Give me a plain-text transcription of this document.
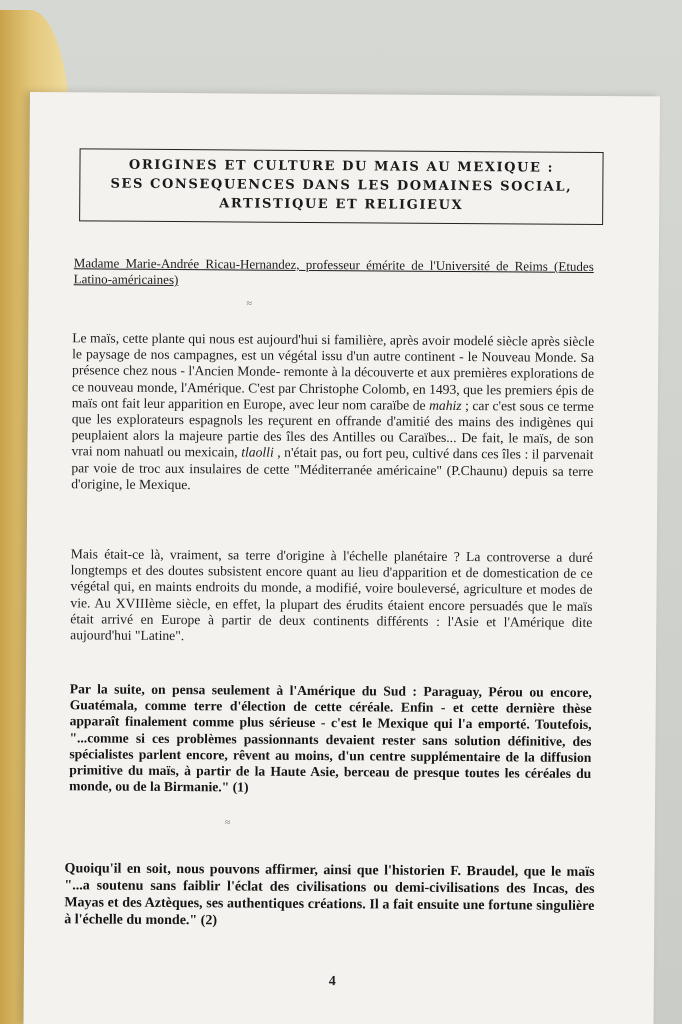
ORIGINES ET CULTURE DU MAIS AU MEXIQUE :
SES CONSEQUENCES DANS LES DOMAINES SOCIAL,
ARTISTIQUE ET RELIGIEUX
Madame Marie-Andrée Ricau-Hernandez, professeur émérite de l'Université de Reims (Etudes Latino-américaines)
≈
Le maïs, cette plante qui nous est aujourd'hui si familière, après avoir modelé siècle après siècle le paysage de nos campagnes, est un végétal issu d'un autre continent - le Nouveau Monde. Sa présence chez nous - l'Ancien Monde- remonte à la découverte et aux premières explorations de ce nouveau monde, l'Amérique. C'est par Christophe Colomb, en 1493, que les premiers épis de maïs ont fait leur apparition en Europe, avec leur nom caraïbe de mahiz ; car c'est sous ce terme que les explorateurs espagnols les reçurent en offrande d'amitié des mains des indigènes qui peuplaient alors la majeure partie des îles des Antilles ou Caraïbes... De fait, le maïs, de son vrai nom nahuatl ou mexicain, tlaolli , n'était pas, ou fort peu, cultivé dans ces îles : il parvenait par voie de troc aux insulaires de cette "Méditerranée américaine" (P.Chaunu) depuis sa terre d'origine, le Mexique.
Mais était-ce là, vraiment, sa terre d'origine à l'échelle planétaire ? La controverse a duré longtemps et des doutes subsistent encore quant au lieu d'apparition et de domestication de ce végétal qui, en maints endroits du monde, a modifié, voire bouleversé, agriculture et modes de vie. Au XVIIIème siècle, en effet, la plupart des érudits étaient encore persuadés que le maïs était arrivé en Europe à partir de deux continents différents : l'Asie et l'Amérique dite aujourd'hui "Latine".
Par la suite, on pensa seulement à l'Amérique du Sud : Paraguay, Pérou ou encore, Guatémala, comme terre d'élection de cette céréale. Enfin - et cette dernière thèse apparaît finalement comme plus sérieuse - c'est le Mexique qui l'a emporté. Toutefois, "...comme si ces problèmes passionnants devaient rester sans solution définitive, des spécialistes parlent encore, rêvent au moins, d'un centre supplémentaire de la diffusion primitive du maïs, à partir de la Haute Asie, berceau de presque toutes les céréales du monde, ou de la Birmanie." (1)
≈
Quoiqu'il en soit, nous pouvons affirmer, ainsi que l'historien F. Braudel, que le maïs "...a soutenu sans faiblir l'éclat des civilisations ou demi-civilisations des Incas, des Mayas et des Aztèques, ses authentiques créations. Il a fait ensuite une fortune singulière à l'échelle du monde." (2)
4
